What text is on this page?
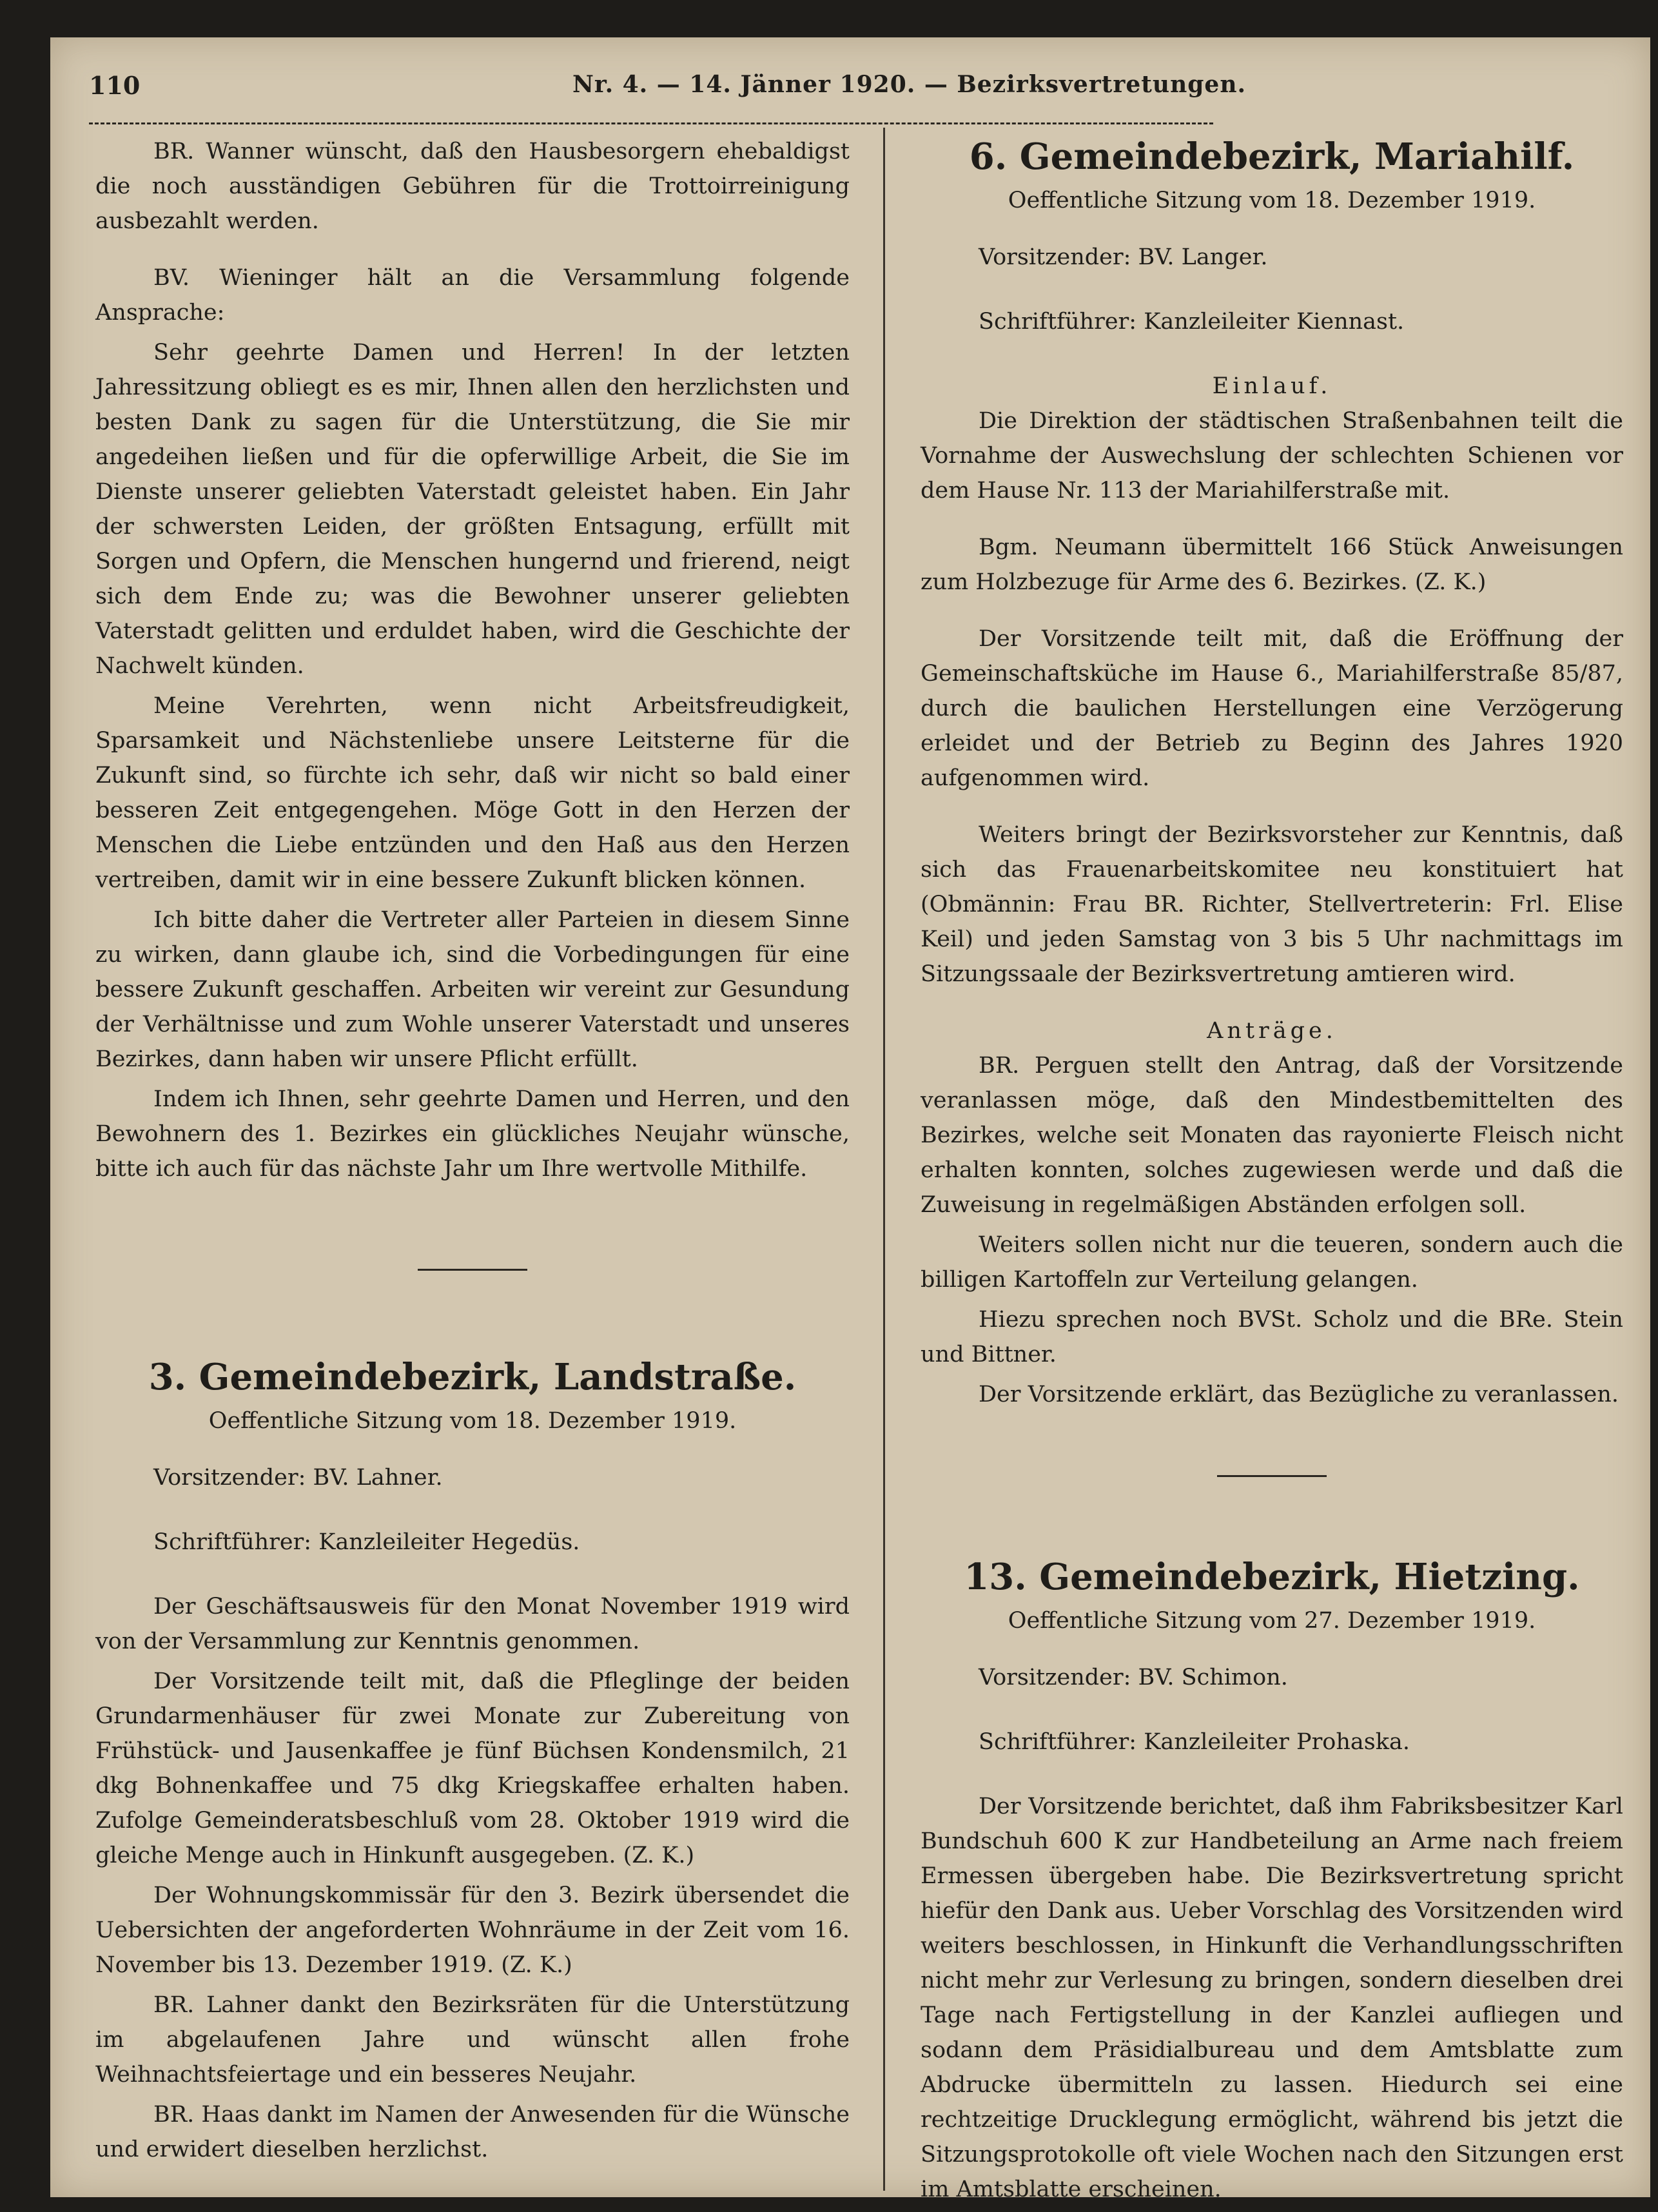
110	Nr. 4. — 14. Jänner 1920. — Bezirksvertretungen.

BR. Wanner wünscht, daß den Hausbesorgern ehebaldigst die noch ausständigen Gebühren für die Trottoirreinigung ausbezahlt werden.

BV. Wieninger hält an die Versammlung folgende Ansprache:

Sehr geehrte Damen und Herren! In der letzten Jahressitzung obliegt es es mir, Ihnen allen den herzlichsten und besten Dank zu sagen für die Unterstützung, die Sie mir angedeihen ließen und für die opferwillige Arbeit, die Sie im Dienste unserer geliebten Vaterstadt geleistet haben. Ein Jahr der schwersten Leiden, der größten Entsagung, erfüllt mit Sorgen und Opfern, die Menschen hungernd und frierend, neigt sich dem Ende zu; was die Bewohner unserer geliebten Vaterstadt gelitten und erduldet haben, wird die Geschichte der Nachwelt künden.

Meine Verehrten, wenn nicht Arbeitsfreudigkeit, Sparsamkeit und Nächstenliebe unsere Leitsterne für die Zukunft sind, so fürchte ich sehr, daß wir nicht so bald einer besseren Zeit entgegengehen. Möge Gott in den Herzen der Menschen die Liebe entzünden und den Haß aus den Herzen vertreiben, damit wir in eine bessere Zukunft blicken können.

Ich bitte daher die Vertreter aller Parteien in diesem Sinne zu wirken, dann glaube ich, sind die Vorbedingungen für eine bessere Zukunft geschaffen. Arbeiten wir vereint zur Gesundung der Verhältnisse und zum Wohle unserer Vaterstadt und unseres Bezirkes, dann haben wir unsere Pflicht erfüllt.

Indem ich Ihnen, sehr geehrte Damen und Herren, und den Bewohnern des 1. Bezirkes ein glückliches Neujahr wünsche, bitte ich auch für das nächste Jahr um Ihre wertvolle Mithilfe.

3. Gemeindebezirk, Landstraße.

Oeffentliche Sitzung vom 18. Dezember 1919.

Vorsitzender: BV. Lahner.

Schriftführer: Kanzleileiter Hegedüs.

Der Geschäftsausweis für den Monat November 1919 wird von der Versammlung zur Kenntnis genommen.

Der Vorsitzende teilt mit, daß die Pfleglinge der beiden Grundarmenhäuser für zwei Monate zur Zubereitung von Frühstück- und Jausenkaffee je fünf Büchsen Kondensmilch, 21 dkg Bohnenkaffee und 75 dkg Kriegskaffee erhalten haben. Zufolge Gemeinderatsbeschluß vom 28. Oktober 1919 wird die gleiche Menge auch in Hinkunft ausgegeben. (Z. K.)

Der Wohnungskommissär für den 3. Bezirk übersendet die Uebersichten der angeforderten Wohnräume in der Zeit vom 16. November bis 13. Dezember 1919. (Z. K.)

BR. Lahner dankt den Bezirksräten für die Unterstützung im abgelaufenen Jahre und wünscht allen frohe Weihnachtsfeiertage und ein besseres Neujahr.

BR. Haas dankt im Namen der Anwesenden für die Wünsche und erwidert dieselben herzlichst.

6. Gemeindebezirk, Mariahilf.

Oeffentliche Sitzung vom 18. Dezember 1919.

Vorsitzender: BV. Langer.

Schriftführer: Kanzleileiter Kiennast.

Einlauf.

Die Direktion der städtischen Straßenbahnen teilt die Vornahme der Auswechslung der schlechten Schienen vor dem Hause Nr. 113 der Mariahilferstraße mit.

Bgm. Neumann übermittelt 166 Stück Anweisungen zum Holzbezuge für Arme des 6. Bezirkes. (Z. K.)

Der Vorsitzende teilt mit, daß die Eröffnung der Gemeinschaftsküche im Hause 6., Mariahilferstraße 85/87, durch die baulichen Herstellungen eine Verzögerung erleidet und der Betrieb zu Beginn des Jahres 1920 aufgenommen wird.

Weiters bringt der Bezirksvorsteher zur Kenntnis, daß sich das Frauenarbeitskomitee neu konstituiert hat (Obmännin: Frau BR. Richter, Stellvertreterin: Frl. Elise Keil) und jeden Samstag von 3 bis 5 Uhr nachmittags im Sitzungssaale der Bezirksvertretung amtieren wird.

Anträge.

BR. Perguen stellt den Antrag, daß der Vorsitzende veranlassen möge, daß den Mindestbemittelten des Bezirkes, welche seit Monaten das rayonierte Fleisch nicht erhalten konnten, solches zugewiesen werde und daß die Zuweisung in regelmäßigen Abständen erfolgen soll.

Weiters sollen nicht nur die teueren, sondern auch die billigen Kartoffeln zur Verteilung gelangen.

Hiezu sprechen noch BVSt. Scholz und die BRe. Stein und Bittner.

Der Vorsitzende erklärt, das Bezügliche zu veranlassen.

13. Gemeindebezirk, Hietzing.

Oeffentliche Sitzung vom 27. Dezember 1919.

Vorsitzender: BV. Schimon.

Schriftführer: Kanzleileiter Prohaska.

Der Vorsitzende berichtet, daß ihm Fabriksbesitzer Karl Bundschuh 600 K zur Handbeteilung an Arme nach freiem Ermessen übergeben habe. Die Bezirksvertretung spricht hiefür den Dank aus. Ueber Vorschlag des Vorsitzenden wird weiters beschlossen, in Hinkunft die Verhandlungsschriften nicht mehr zur Verlesung zu bringen, sondern dieselben drei Tage nach Fertigstellung in der Kanzlei aufliegen und sodann dem Präsidialbureau und dem Amtsblatte zum Abdrucke übermitteln zu lassen. Hiedurch sei eine rechtzeitige Drucklegung ermöglicht, während bis jetzt die Sitzungsprotokolle oft viele Wochen nach den Sitzungen erst im Amtsblatte erscheinen.
